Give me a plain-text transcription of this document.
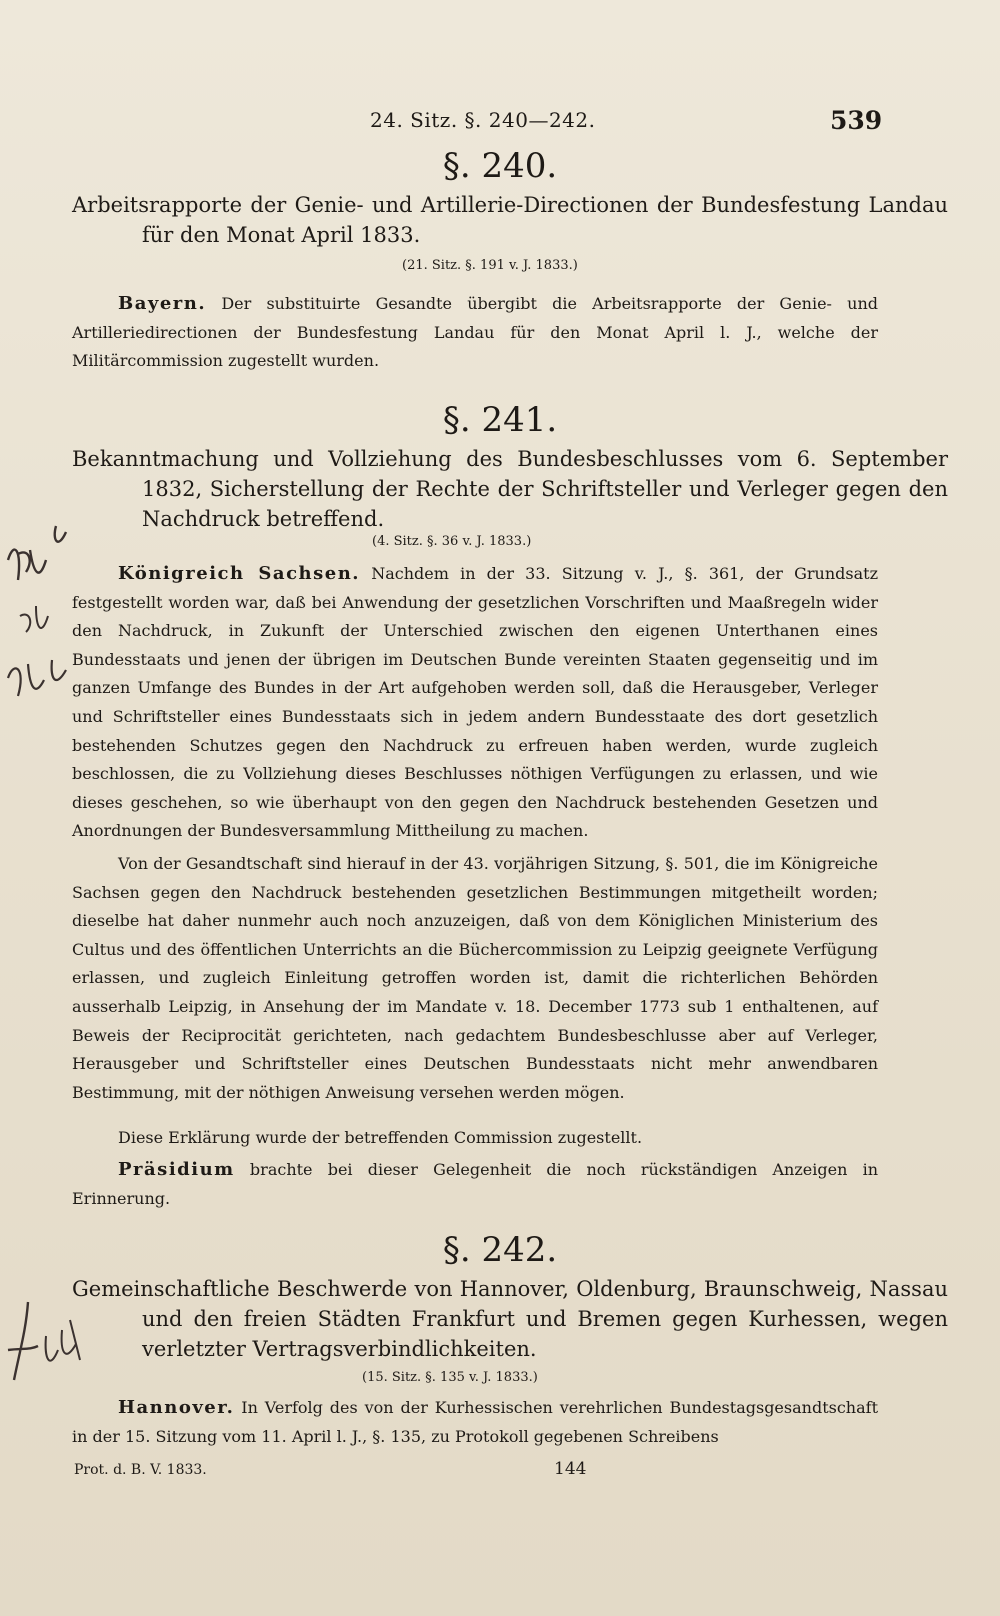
24. Sitz. §. 240—242.	539
§. 240.
Arbeitsrapporte der Genie- und Artillerie-Directionen der Bundesfestung Landau für den Monat April 1833.
(21. Sitz. §. 191 v. J. 1833.)
Bayern. Der substituirte Gesandte übergibt die Arbeitsrapporte der Genie- und Artilleriedirectionen der Bundesfestung Landau für den Monat April l. J., welche der Militärcommission zugestellt wurden.
§. 241.
Bekanntmachung und Vollziehung des Bundesbeschlusses vom 6. September 1832, Sicherstellung der Rechte der Schriftsteller und Verleger gegen den Nachdruck betreffend.
(4. Sitz. §. 36 v. J. 1833.)
Königreich Sachsen. Nachdem in der 33. Sitzung v. J., §. 361, der Grundsatz festgestellt worden war, daß bei Anwendung der gesetzlichen Vorschriften und Maaßregeln wider den Nachdruck, in Zukunft der Unterschied zwischen den eigenen Unterthanen eines Bundesstaats und jenen der übrigen im Deutschen Bunde vereinten Staaten gegenseitig und im ganzen Umfange des Bundes in der Art aufgehoben werden soll, daß die Herausgeber, Verleger und Schriftsteller eines Bundesstaats sich in jedem andern Bundesstaate des dort gesetzlich bestehenden Schutzes gegen den Nachdruck zu erfreuen haben werden, wurde zugleich beschlossen, die zu Vollziehung dieses Beschlusses nöthigen Verfügungen zu erlassen, und wie dieses geschehen, so wie überhaupt von den gegen den Nachdruck bestehenden Gesetzen und Anordnungen der Bundesversammlung Mittheilung zu machen.
Von der Gesandtschaft sind hierauf in der 43. vorjährigen Sitzung, §. 501, die im Königreiche Sachsen gegen den Nachdruck bestehenden gesetzlichen Bestimmungen mitgetheilt worden; dieselbe hat daher nunmehr auch noch anzuzeigen, daß von dem Königlichen Ministerium des Cultus und des öffentlichen Unterrichts an die Büchercommission zu Leipzig geeignete Verfügung erlassen, und zugleich Einleitung getroffen worden ist, damit die richterlichen Behörden ausserhalb Leipzig, in Ansehung der im Mandate v. 18. December 1773 sub 1 enthaltenen, auf Beweis der Reciprocität gerichteten, nach gedachtem Bundesbeschlusse aber auf Verleger, Herausgeber und Schriftsteller eines Deutschen Bundesstaats nicht mehr anwendbaren Bestimmung, mit der nöthigen Anweisung versehen werden mögen.
Diese Erklärung wurde der betreffenden Commission zugestellt.
Präsidium brachte bei dieser Gelegenheit die noch rückständigen Anzeigen in Erinnerung.
§. 242.
Gemeinschaftliche Beschwerde von Hannover, Oldenburg, Braunschweig, Nassau und den freien Städten Frankfurt und Bremen gegen Kurhessen, wegen verletzter Vertragsverbindlichkeiten.
(15. Sitz. §. 135 v. J. 1833.)
Hannover. In Verfolg des von der Kurhessischen verehrlichen Bundestagsgesandtschaft in der 15. Sitzung vom 11. April l. J., §. 135, zu Protokoll gegebenen Schreibens
Prot. d. B. V. 1833.	144
